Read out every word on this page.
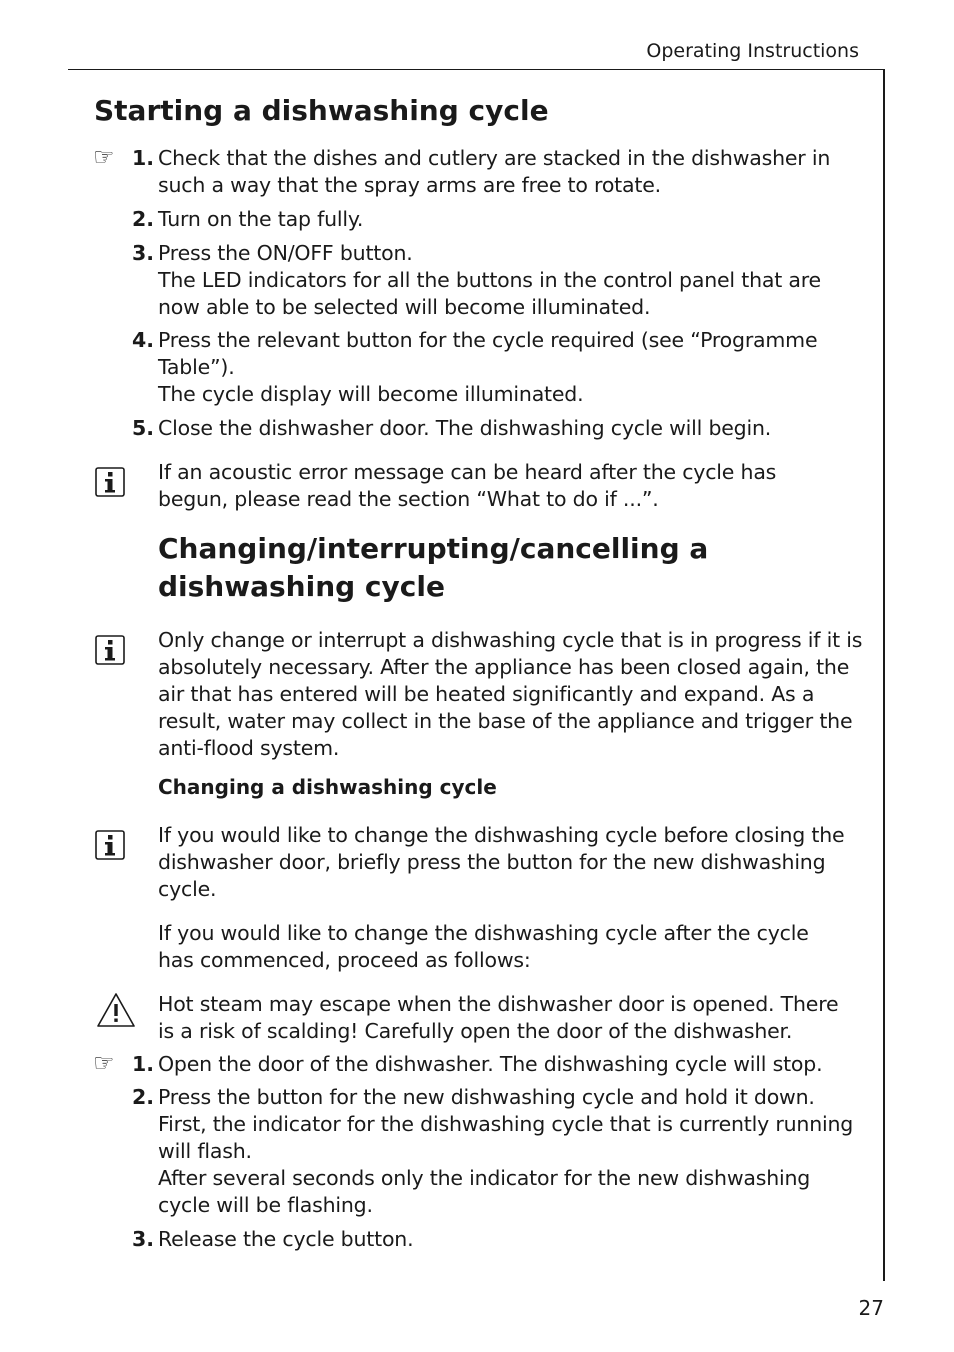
Operating Instructions
Starting a dishwashing cycle
☞ 1. Check that the dishes and cutlery are stacked in the dishwasher in such a way that the spray arms are free to rotate.
2. Turn on the tap fully.
3. Press the ON/OFF button.
The LED indicators for all the buttons in the control panel that are now able to be selected will become illuminated.
4. Press the relevant button for the cycle required (see “Programme Table”).
The cycle display will become illuminated.
5. Close the dishwasher door. The dishwashing cycle will begin.
If an acoustic error message can be heard after the cycle has begun, please read the section “What to do if ...”.
Changing/interrupting/cancelling a dishwashing cycle
Only change or interrupt a dishwashing cycle that is in progress if it is absolutely necessary. After the appliance has been closed again, the air that has entered will be heated significantly and expand. As a result, water may collect in the base of the appliance and trigger the anti-flood system.
Changing a dishwashing cycle
If you would like to change the dishwashing cycle before closing the dishwasher door, briefly press the button for the new dishwashing cycle.
If you would like to change the dishwashing cycle after the cycle has commenced, proceed as follows:
Hot steam may escape when the dishwasher door is opened. There is a risk of scalding! Carefully open the door of the dishwasher.
☞ 1. Open the door of the dishwasher. The dishwashing cycle will stop.
2. Press the button for the new dishwashing cycle and hold it down.
First, the indicator for the dishwashing cycle that is currently running will flash.
After several seconds only the indicator for the new dishwashing cycle will be flashing.
3. Release the cycle button.
27
